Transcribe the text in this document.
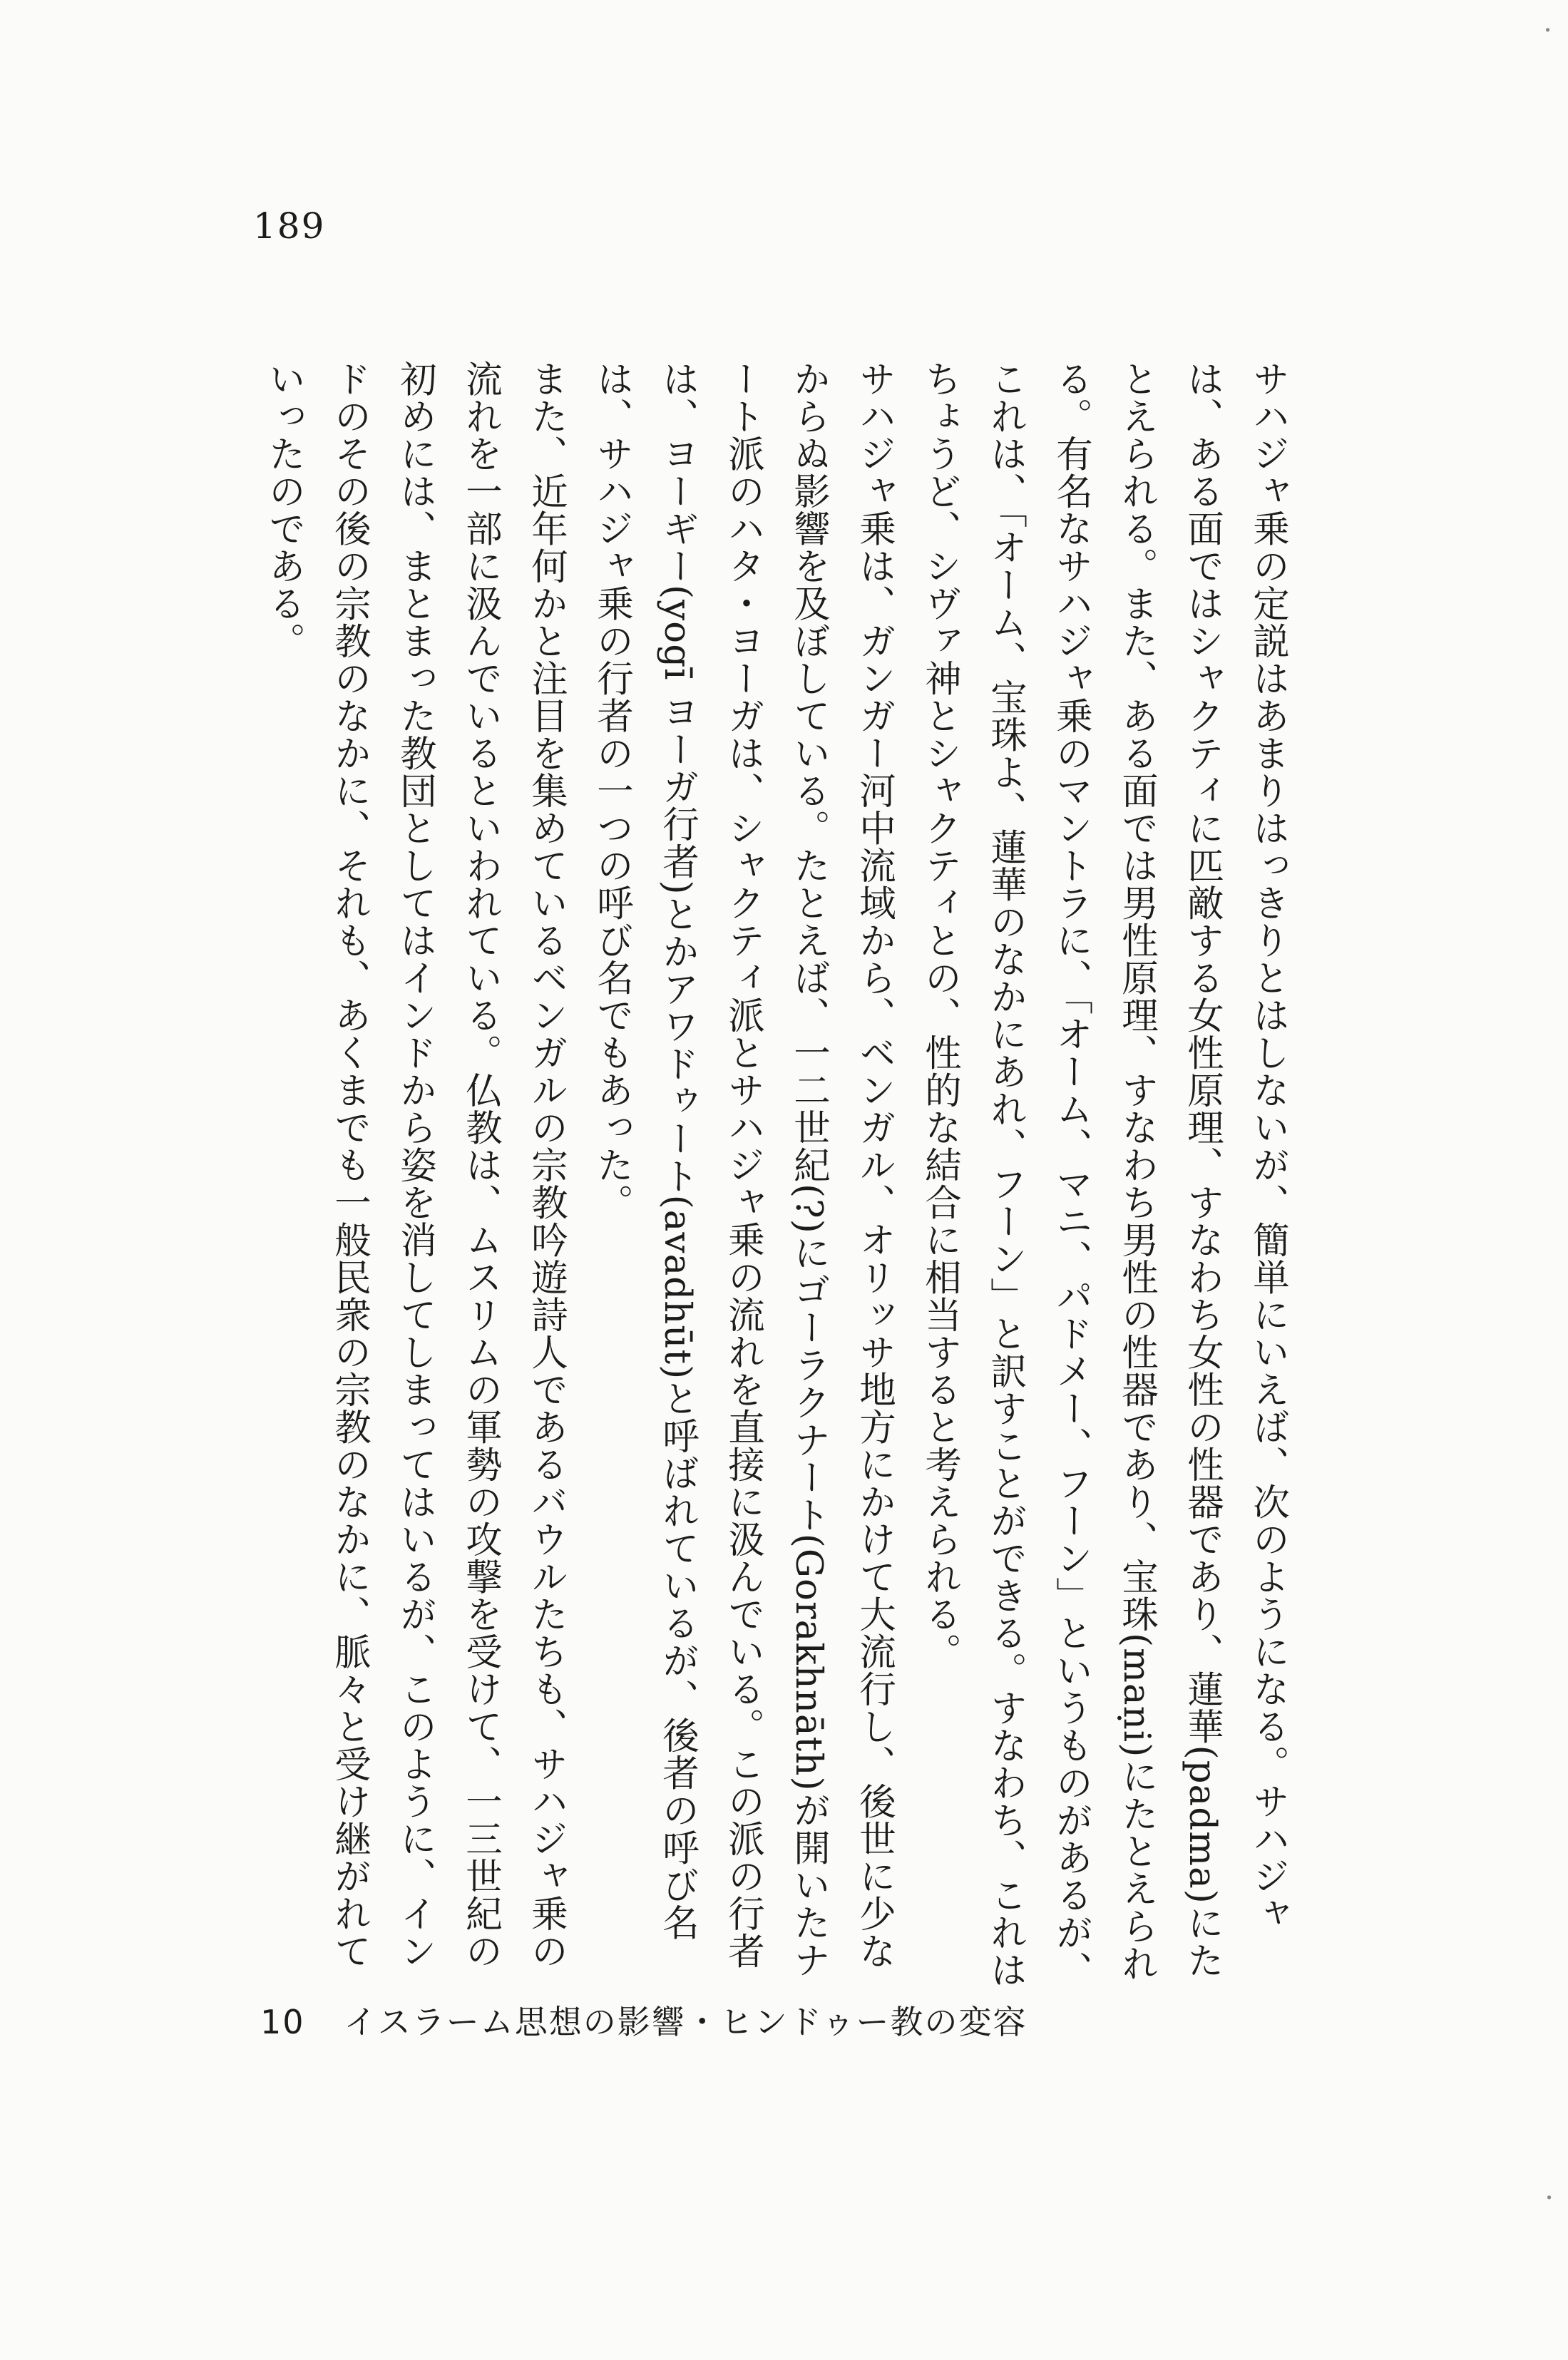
189

サハジャ乗の定説はあまりはっきりとはしないが、簡単にいえば、次のようになる。サハジャは、ある面ではシャクティに匹敵する女性原理、すなわち女性の性器であり、蓮華(padma)にたとえられる。また、ある面では男性原理、すなわち男性の性器であり、宝珠(maṇi)にたとえられる。有名なサハジャ乗のマントラに、「オーム、マニ、パドメー、フーン」というものがあるが、これは、「オーム、宝珠よ、蓮華のなかにあれ、フーン」と訳すことができる。すなわち、これはちょうど、シヴァ神とシャクティとの、性的な結合に相当すると考えられる。

サハジャ乗は、ガンガー河中流域から、ベンガル、オリッサ地方にかけて大流行し、後世に少なからぬ影響を及ぼしている。たとえば、一二世紀(?)にゴーラクナート(Gorakhnāth)が開いたナート派のハタ・ヨーガは、シャクティ派とサハジャ乗の流れを直接に汲んでいる。この派の行者は、ヨーギー(yogī ヨーガ行者)とかアワドゥート(avadhūt)と呼ばれているが、後者の呼び名は、サハジャ乗の行者の一つの呼び名でもあった。

また、近年何かと注目を集めているベンガルの宗教吟遊詩人であるバウルたちも、サハジャ乗の流れを一部に汲んでいるといわれている。仏教は、ムスリムの軍勢の攻撃を受けて、一三世紀の初めには、まとまった教団としてはインドから姿を消してしまってはいるが、このように、インドのその後の宗教のなかに、それも、あくまでも一般民衆の宗教のなかに、脈々と受け継がれていったのである。

10 イスラーム思想の影響・ヒンドゥー教の変容
·
·
